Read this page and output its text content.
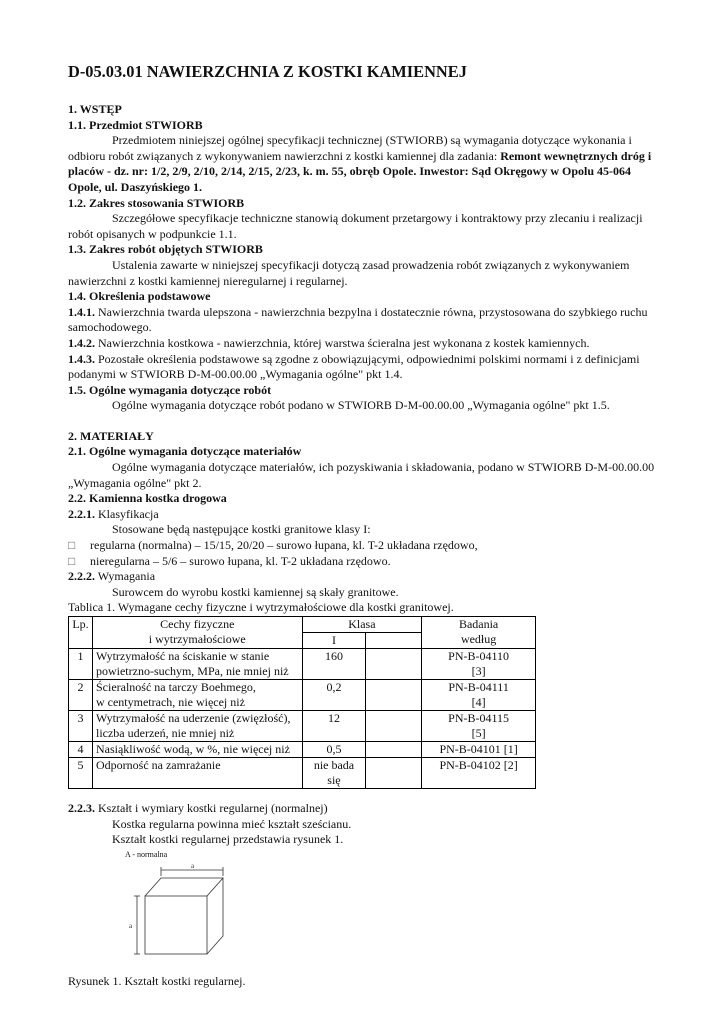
D-05.03.01 NAWIERZCHNIA Z KOSTKI KAMIENNEJ

1. WSTĘP

1.1. Przedmiot STWIORB

Przedmiotem niniejszej ogólnej specyfikacji technicznej (STWIORB) są wymagania dotyczące wykonania i odbioru robót związanych z wykonywaniem nawierzchni z kostki kamiennej dla zadania: Remont wewnętrznych dróg i placów - dz. nr: 1/2, 2/9, 2/10, 2/14, 2/15, 2/23, k. m. 55, obręb Opole. Inwestor: Sąd Okręgowy w Opolu 45-064 Opole, ul. Daszyńskiego 1.

1.2. Zakres stosowania STWIORB

Szczegółowe specyfikacje techniczne stanowią dokument przetargowy i kontraktowy przy zlecaniu i realizacji robót opisanych w podpunkcie 1.1.

1.3. Zakres robót objętych STWIORB

Ustalenia zawarte w niniejszej specyfikacji dotyczą zasad prowadzenia robót związanych z wykonywaniem nawierzchni z kostki kamiennej nieregularnej i regularnej.

1.4. Określenia podstawowe

1.4.1. Nawierzchnia twarda ulepszona - nawierzchnia bezpylna i dostatecznie równa, przystosowana do szybkiego ruchu samochodowego.

1.4.2. Nawierzchnia kostkowa - nawierzchnia, której warstwa ścieralna jest wykonana z kostek kamiennych.

1.4.3. Pozostałe określenia podstawowe są zgodne z obowiązującymi, odpowiednimi polskimi normami i z definicjami podanymi w STWIORB D-M-00.00.00 „Wymagania ogólne" pkt 1.4.

1.5. Ogólne wymagania dotyczące robót

Ogólne wymagania dotyczące robót podano w STWIORB D-M-00.00.00 „Wymagania ogólne" pkt 1.5.

2. MATERIAŁY

2.1. Ogólne wymagania dotyczące materiałów

Ogólne wymagania dotyczące materiałów, ich pozyskiwania i składowania, podano w STWIORB D-M-00.00.00 „Wymagania ogólne" pkt 2.

2.2. Kamienna kostka drogowa

2.2.1. Klasyfikacja

Stosowane będą następujące kostki granitowe klasy I:

□	regularna (normalna) – 15/15, 20/20 – surowo łupana, kl. T-2 układana rzędowo,
□	nieregularna – 5/6 – surowo łupana, kl. T-2 układana rzędowo.

2.2.2. Wymagania

Surowcem do wyrobu kostki kamiennej są skały granitowe.

Tablica 1. Wymagane cechy fizyczne i wytrzymałościowe dla kostki granitowej.

Lp.	Cechy fizyczne
i wytrzymałościowe	Klasa		Badania
według
		I		
1	Wytrzymałość na ściskanie w stanie
powietrzno-suchym, MPa, nie mniej niż	160		PN-B-04110
[3]
2	Ścieralność na tarczy Boehmego,
w centymetrach, nie więcej niż	0,2		PN-B-04111
[4]
3	Wytrzymałość na uderzenie (zwięzłość),
liczba uderzeń, nie mniej niż	12		PN-B-04115
[5]
4	Nasiąkliwość wodą, w %, nie więcej niż	0,5		PN-B-04101 [1]
5	Odporność na zamrażanie	nie bada
się		PN-B-04102 [2]

2.2.3. Kształt i wymiary kostki regularnej (normalnej)

Kostka regularna powinna mieć kształt sześcianu.

Kształt kostki regularnej przedstawia rysunek 1.

A - normalna
a
a

Rysunek 1. Kształt kostki regularnej.
